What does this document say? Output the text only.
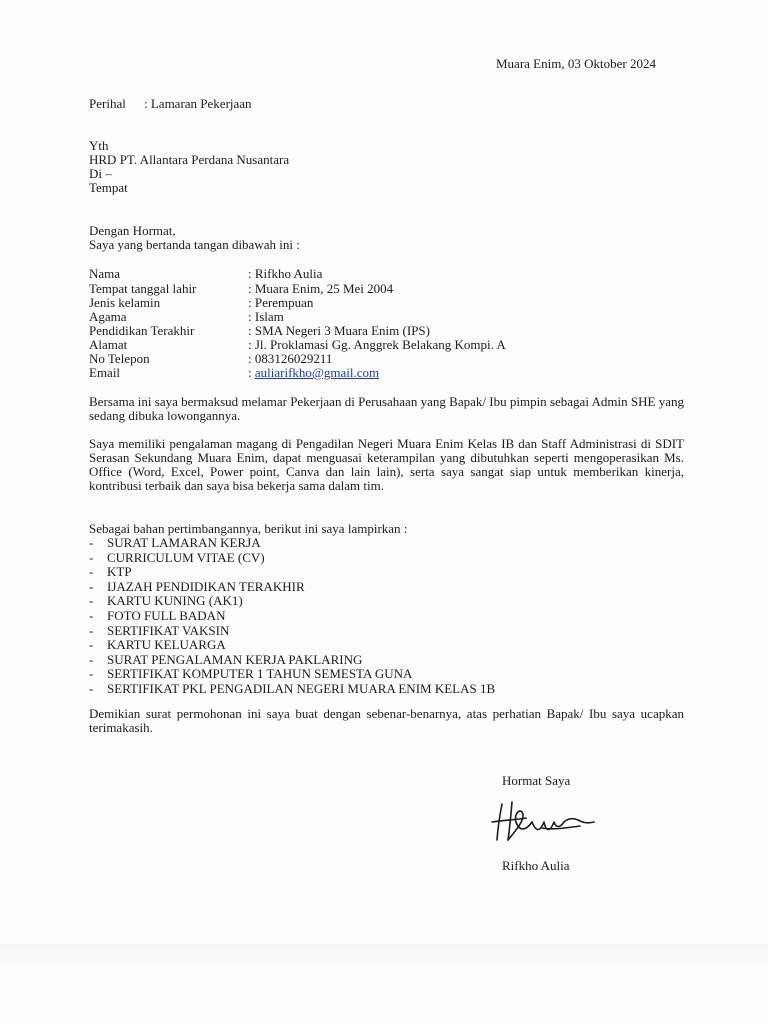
Muara Enim, 03 Oktober 2024
Perihal : Lamaran Pekerjaan
Yth
HRD PT. Allantara Perdana Nusantara
Di –
Tempat
Dengan Hormat,
Saya yang bertanda tangan dibawah ini :
Nama	: Rifkho Aulia
Tempat tanggal lahir	: Muara Enim, 25 Mei 2004
Jenis kelamin	: Perempuan
Agama	: Islam
Pendidikan Terakhir	: SMA Negeri 3 Muara Enim (IPS)
Alamat	: Jl. Proklamasi Gg. Anggrek Belakang Kompi. A
No Telepon	: 083126029211
Email	: auliarifkho@gmail.com
Bersama ini saya bermaksud melamar Pekerjaan di Perusahaan yang Bapak/ Ibu pimpin sebagai Admin SHE yang sedang dibuka lowongannya.
Saya memiliki pengalaman magang di Pengadilan Negeri Muara Enim Kelas IB dan Staff Administrasi di SDIT Serasan Sekundang Muara Enim, dapat menguasai keterampilan yang dibutuhkan seperti mengoperasikan Ms. Office (Word, Excel, Power point, Canva dan lain lain), serta saya sangat siap untuk memberikan kinerja, kontribusi terbaik dan saya bisa bekerja sama dalam tim.
Sebagai bahan pertimbangannya, berikut ini saya lampirkan :
- SURAT LAMARAN KERJA
- CURRICULUM VITAE (CV)
- KTP
- IJAZAH PENDIDIKAN TERAKHIR
- KARTU KUNING (AK1)
- FOTO FULL BADAN
- SERTIFIKAT VAKSIN
- KARTU KELUARGA
- SURAT PENGALAMAN KERJA PAKLARING
- SERTIFIKAT KOMPUTER 1 TAHUN SEMESTA GUNA
- SERTIFIKAT PKL PENGADILAN NEGERI MUARA ENIM KELAS 1B
Demikian surat permohonan ini saya buat dengan sebenar-benarnya, atas perhatian Bapak/ Ibu saya ucapkan terimakasih.
Hormat Saya
Rifkho Aulia
